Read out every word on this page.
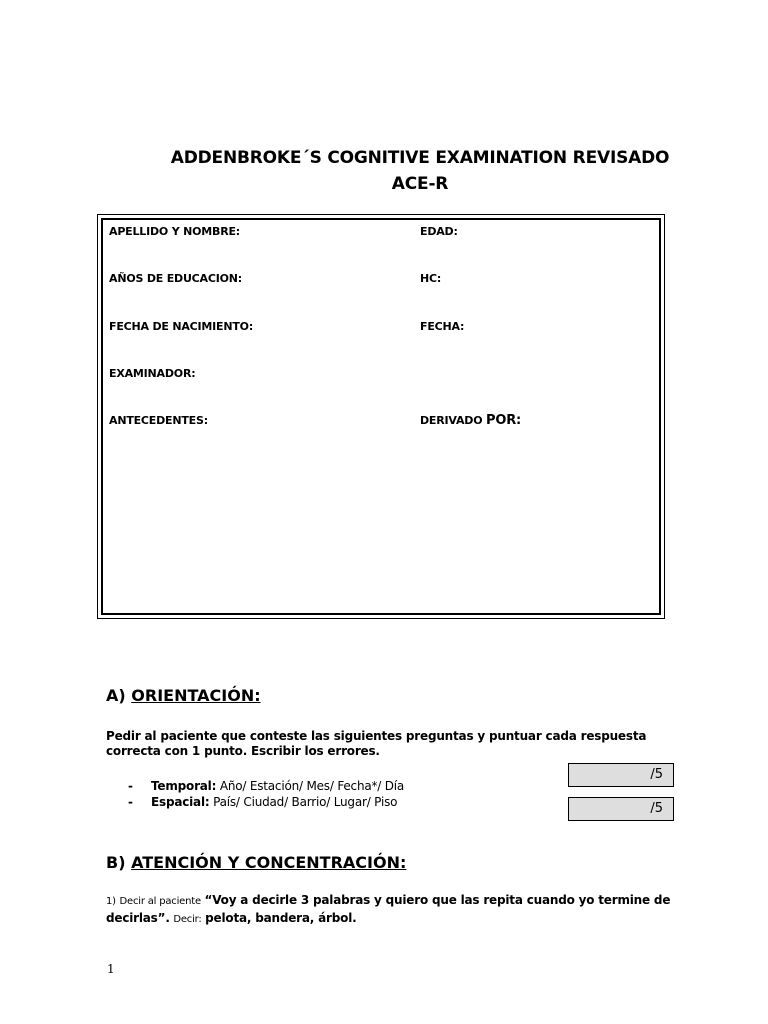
ADDENBROKE´S COGNITIVE EXAMINATION REVISADO
ACE-R
APELLIDO Y NOMBRE:	EDAD:
AÑOS DE EDUCACION:	HC:
FECHA DE NACIMIENTO:	FECHA:
EXAMINADOR:
ANTECEDENTES:	DERIVADO POR:
A) ORIENTACIÓN:
Pedir al paciente que conteste las siguientes preguntas y puntuar cada respuesta correcta con 1 punto. Escribir los errores.
- Temporal: Año/ Estación/ Mes/ Fecha*/ Día
- Espacial: País/ Ciudad/ Barrio/ Lugar/ Piso
/5
/5
B) ATENCIÓN Y CONCENTRACIÓN:
1) Decir al paciente “Voy a decirle 3 palabras y quiero que las repita cuando yo termine de decirlas”. Decir: pelota, bandera, árbol.
1
